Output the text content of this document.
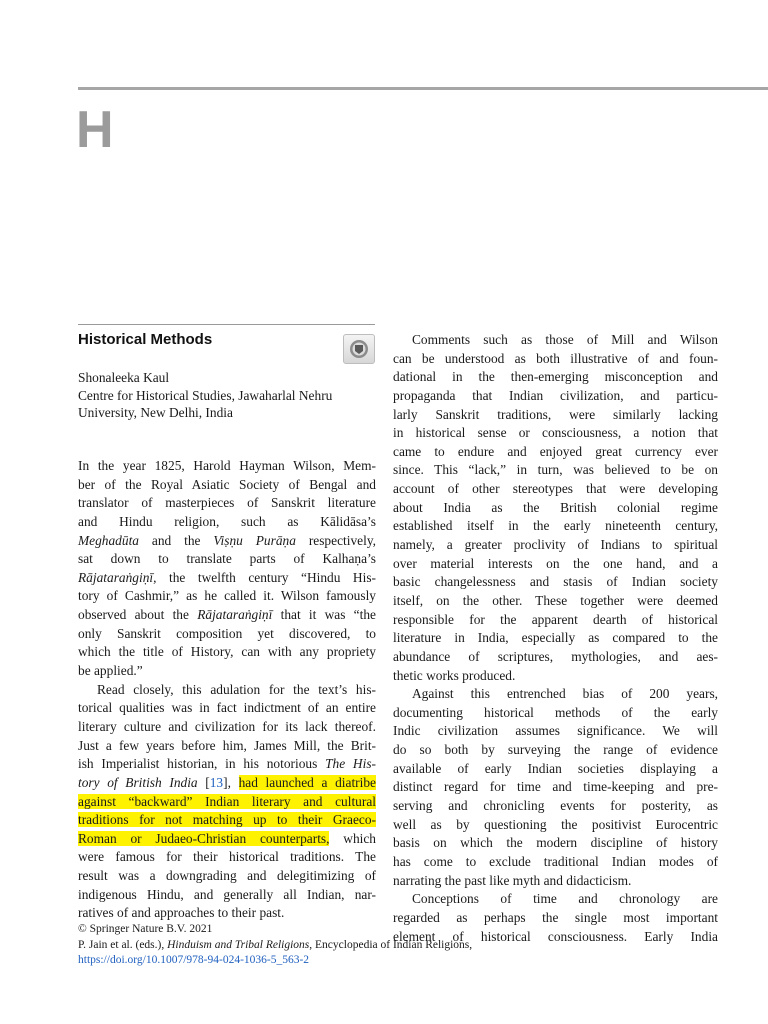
H
Historical Methods
Shonaleeka Kaul
Centre for Historical Studies, Jawaharlal Nehru
University, New Delhi, India
In the year 1825, Harold Hayman Wilson, Mem-
ber of the Royal Asiatic Society of Bengal and
translator of masterpieces of Sanskrit literature
and Hindu religion, such as Kālidāsa’s
Meghadūta and the Viṣṇu Purāṇa respectively,
sat down to translate parts of Kalhaṇa’s
Rājataraṅgiṇī, the twelfth century “Hindu His-
tory of Cashmir,” as he called it. Wilson famously
observed about the Rājataraṅgiṇī that it was “the
only Sanskrit composition yet discovered, to
which the title of History, can with any propriety
be applied.”
Read closely, this adulation for the text’s his-
torical qualities was in fact indictment of an entire
literary culture and civilization for its lack thereof.
Just a few years before him, James Mill, the Brit-
ish Imperialist historian, in his notorious The His-
tory of British India [13], had launched a diatribe
against “backward” Indian literary and cultural
traditions for not matching up to their Graeco-
Roman or Judaeo-Christian counterparts, which
were famous for their historical traditions. The
result was a downgrading and delegitimizing of
indigenous Hindu, and generally all Indian, nar-
ratives of and approaches to their past.
Comments such as those of Mill and Wilson
can be understood as both illustrative of and foun-
dational in the then-emerging misconception and
propaganda that Indian civilization, and particu-
larly Sanskrit traditions, were similarly lacking
in historical sense or consciousness, a notion that
came to endure and enjoyed great currency ever
since. This “lack,” in turn, was believed to be on
account of other stereotypes that were developing
about India as the British colonial regime
established itself in the early nineteenth century,
namely, a greater proclivity of Indians to spiritual
over material interests on the one hand, and a
basic changelessness and stasis of Indian society
itself, on the other. These together were deemed
responsible for the apparent dearth of historical
literature in India, especially as compared to the
abundance of scriptures, mythologies, and aes-
thetic works produced.
Against this entrenched bias of 200 years,
documenting historical methods of the early
Indic civilization assumes significance. We will
do so both by surveying the range of evidence
available of early Indian societies displaying a
distinct regard for time and time-keeping and pre-
serving and chronicling events for posterity, as
well as by questioning the positivist Eurocentric
basis on which the modern discipline of history
has come to exclude traditional Indian modes of
narrating the past like myth and didacticism.
Conceptions of time and chronology are
regarded as perhaps the single most important
element of historical consciousness. Early India
© Springer Nature B.V. 2021
P. Jain et al. (eds.), Hinduism and Tribal Religions, Encyclopedia of Indian Religions,
https://doi.org/10.1007/978-94-024-1036-5_563-2
